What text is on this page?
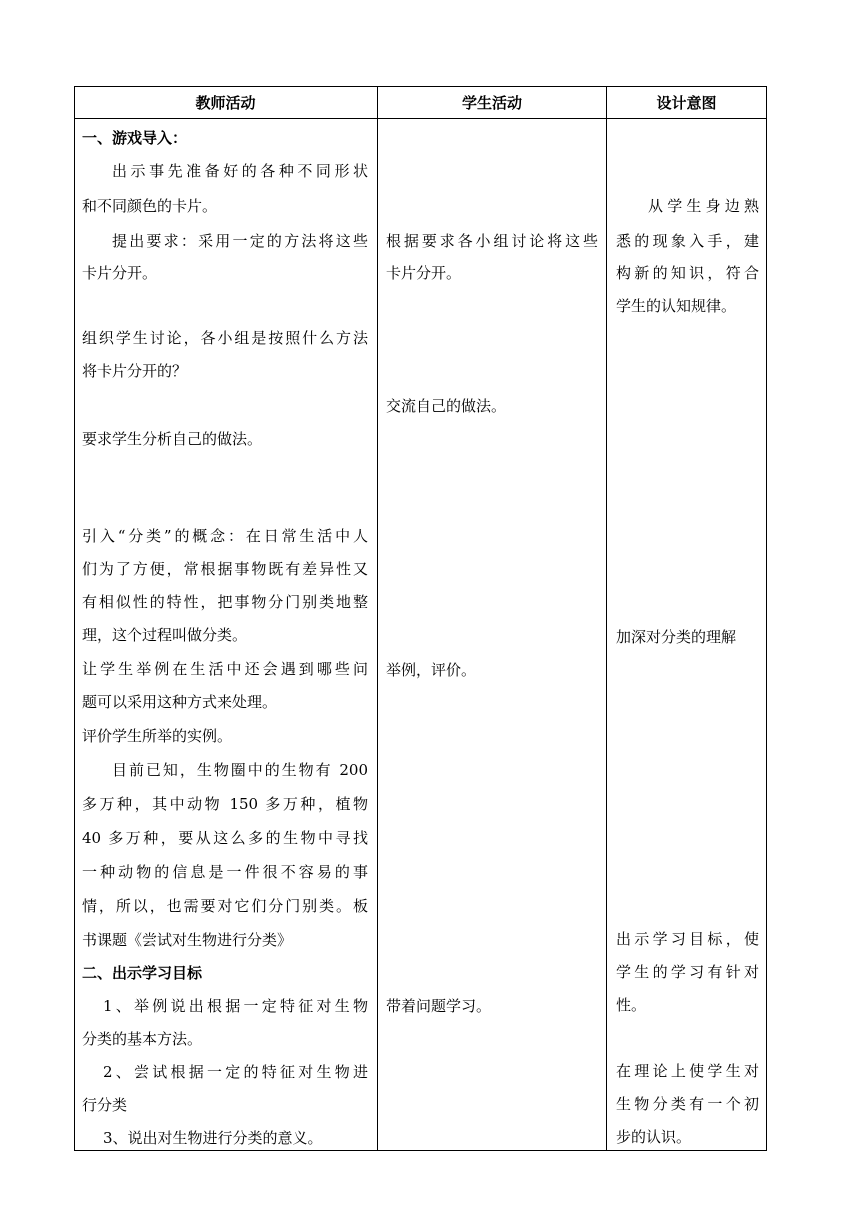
教师活动	学生活动	设计意图
一、游戏导入：
出示事先准备好的各种不同形状
和不同颜色的卡片。
提出要求：采用一定的方法将这些
卡片分开。
组织学生讨论，各小组是按照什么方法
将卡片分开的？
要求学生分析自己的做法。
引入“分类”的概念：在日常生活中人
们为了方便，常根据事物既有差异性又
有相似性的特性，把事物分门别类地整
理，这个过程叫做分类。
让学生举例在生活中还会遇到哪些问
题可以采用这种方式来处理。
评价学生所举的实例。
目前已知，生物圈中的生物有 200
多万种，其中动物 150 多万种，植物
40 多万种，要从这么多的生物中寻找
一种动物的信息是一件很不容易的事
情，所以，也需要对它们分门别类。板
书课题《尝试对生物进行分类》
二、出示学习目标
1、举例说出根据一定特征对生物
分类的基本方法。
2、尝试根据一定的特征对生物进
行分类
3、说出对生物进行分类的意义。
根据要求各小组讨论将这些
卡片分开。
交流自己的做法。
举例，评价。
带着问题学习。
从学生身边熟
悉的现象入手，建
构新的知识，符合
学生的认知规律。
加深对分类的理解
出示学习目标，使
学生的学习有针对
性。
在理论上使学生对
生物分类有一个初
步的认识。
